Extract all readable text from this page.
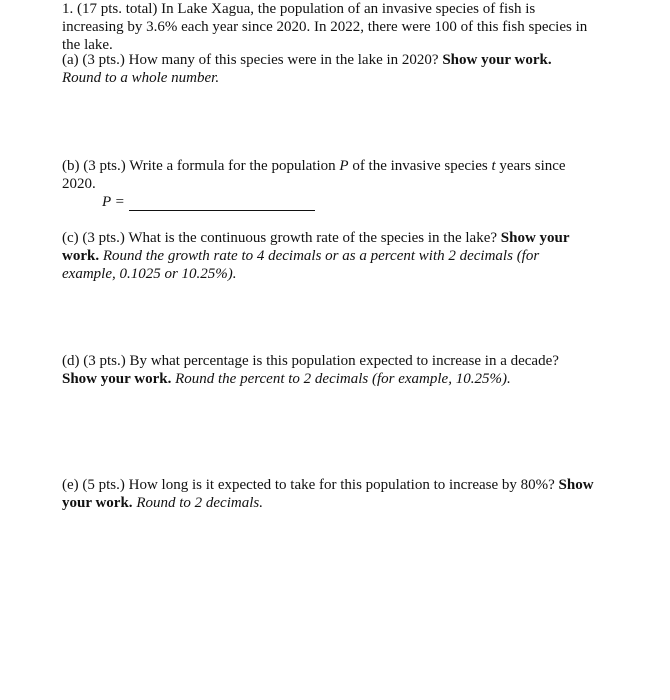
1. (17 pts. total) In Lake Xagua, the population of an invasive species of fish is
increasing by 3.6% each year since 2020. In 2022, there were 100 of this fish species in
the lake.
(a) (3 pts.) How many of this species were in the lake in 2020? Show your work.
Round to a whole number.
(b) (3 pts.) Write a formula for the population P of the invasive species t years since
2020.
P =
(c) (3 pts.) What is the continuous growth rate of the species in the lake? Show your
work. Round the growth rate to 4 decimals or as a percent with 2 decimals (for
example, 0.1025 or 10.25%).
(d) (3 pts.) By what percentage is this population expected to increase in a decade?
Show your work. Round the percent to 2 decimals (for example, 10.25%).
(e) (5 pts.) How long is it expected to take for this population to increase by 80%? Show
your work. Round to 2 decimals.
